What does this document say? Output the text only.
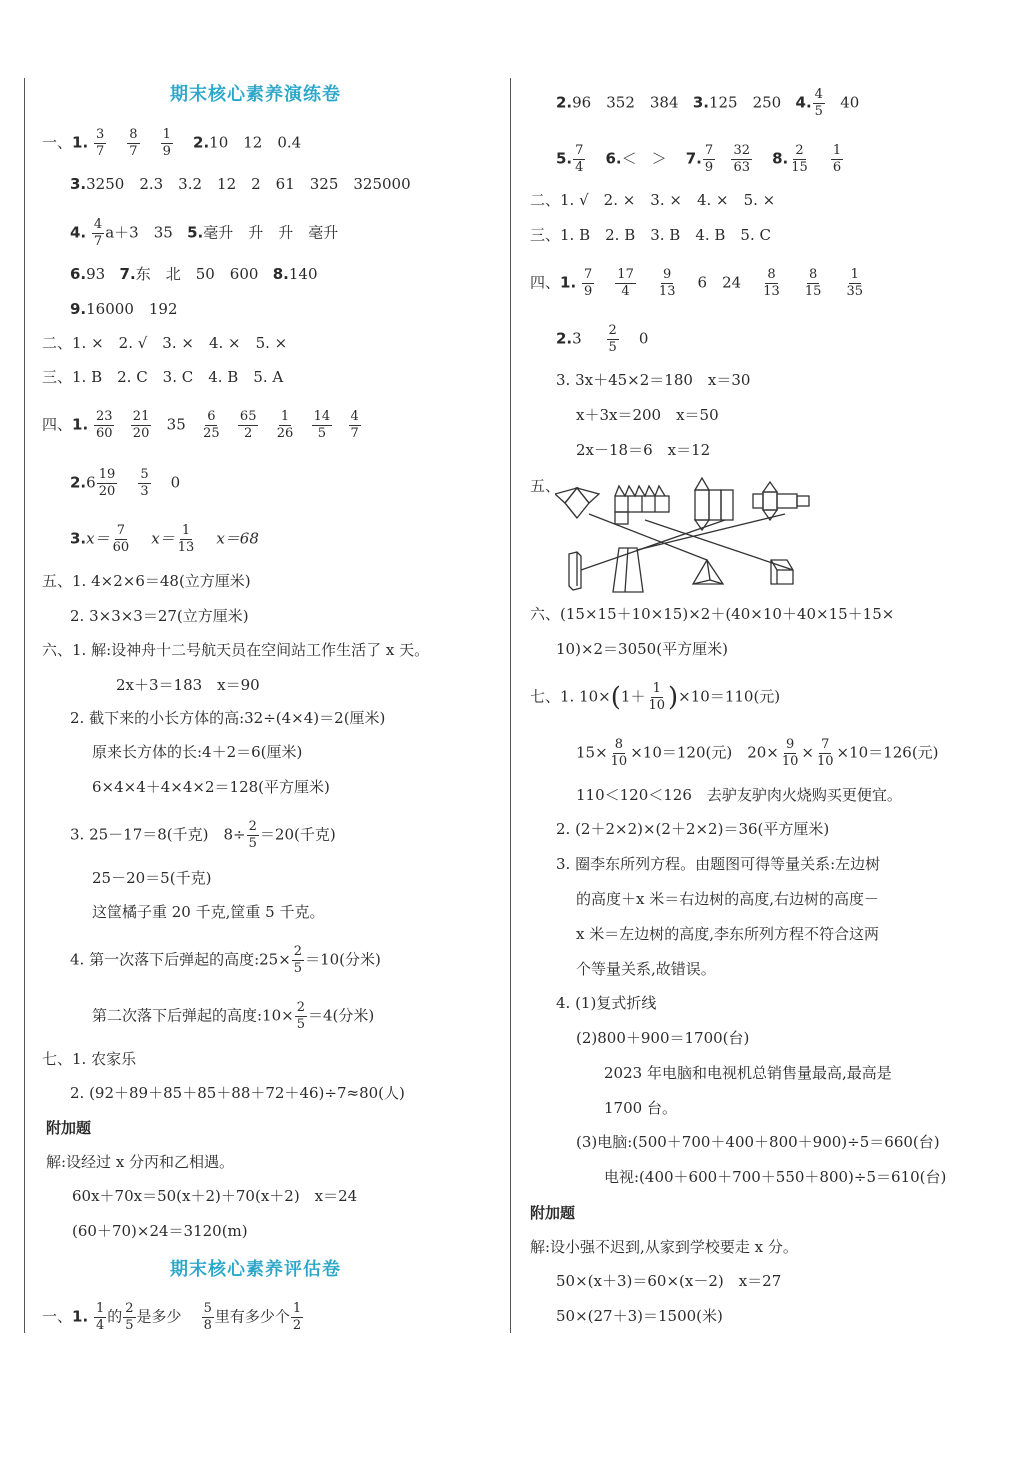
期末核心素养演练卷
一、1. $\frac{3}{7}$
$\frac{8}{7}$
$\frac{1}{9} 2.10$　12　0.4
3.3250　2.3　3.2　12　2　61　325　325000
4. $\frac{4}{7} a+3$　35 5.毫升　升　升　毫升
6.93 7.东　北　50　600 8.140
9.16000　192
二、1. ×　2. √　3. ×　4. ×　5. ×
三、1. B　2. C　3. C　4. B　5. A
四、1. $\frac{23}{60}$
$\frac{21}{20} 35 \frac{6}{25}$
$\frac{65}{2}$
$\frac{1}{26}$
$\frac{14}{5}$
$\frac{4}{7}$
$2.6 \frac{19}{20}$
$\frac{5}{3} 0$
$3.x= \frac{7}{60} x= \frac{1}{13} x=68$
五、1. 4×2×6＝48(立方厘米)
2. 3×3×3＝27(立方厘米)
六、1. 解:设神舟十二号航天员在空间站工作生活了 x 天。
2x＋3＝183　x＝90
2. 截下来的小长方体的高:32÷(4×4)＝2(厘米)
原来长方体的长:4＋2＝6(厘米)
6×4×4＋4×4×2＝128(平方厘米)
3. 25－17＝8(千克)　$8\div \frac{2}{5} =20$(千克)
25－20＝5(千克)
这筐橘子重 20 千克,筐重 5 千克。
4. 第一次落下后弹起的高度:25× $\frac{2}{5} =10$(分米)
第二次落下后弹起的高度:10× $\frac{2}{5} =4$(分米)
七、1. 农家乐
2. (92＋89＋85＋85＋88＋72＋46)÷7≈80(人)
附加题
解:设经过 x 分丙和乙相遇。
60x＋70x＝50(x＋2)＋70(x＋2)　x＝24
(60＋70)×24＝3120(m)
期末核心素养评估卷
一、1. $\frac{1}{4}$ 的 $\frac{2}{5}$ 是多少 $\frac{5}{8}$ 里有多少个 $\frac{1}{2}$
2.96　352　384 3.125　250 4. $\frac{4}{5} 40$
5. $\frac{7}{4} 6.<$　＞ 7. $\frac{7}{9}$
$\frac{32}{63} 8$. $\frac{2}{15}$
$\frac{1}{6}$
二、1. √　2. ×　3. ×　4. ×　5. ×
三、1. B　2. B　3. B　4. B　5. C
四、1. $\frac{7}{9}$
$\frac{17}{4}$
$\frac{9}{13} 6$　$24 \frac{8}{13}$
$\frac{8}{15}$
$\frac{1}{35}$
$2.3 \frac{2}{5} 0$
3. 3x＋45×2＝180　x＝30
x＋3x＝200　x＝50
2x－18＝6　x＝12
五、
六、(15×15＋10×15)×2＋(40×10＋40×15＋15×
10)×2＝3050(平方厘米)
七、1. $10\times(1+ \frac{1}{10} )\times 10=110$(元)
$15\times \frac{8}{10} \times 10=120$(元)　$20\times \frac{9}{10} \times \frac{7}{10} \times 10=126$(元)
110＜120＜126　去驴友驴肉火烧购买更便宜。
2. (2＋2×2)×(2＋2×2)＝36(平方厘米)
3. 圈李东所列方程。由题图可得等量关系:左边树
的高度＋x 米＝右边树的高度,右边树的高度－
x 米＝左边树的高度,李东所列方程不符合这两
个等量关系,故错误。
4. (1)复式折线
(2)800＋900＝1700(台)
2023 年电脑和电视机总销售量最高,最高是
1700 台。
(3)电脑:(500＋700＋400＋800＋900)÷5＝660(台)
电视:(400＋600＋700＋550＋800)÷5＝610(台)
附加题
解:设小强不迟到,从家到学校要走 x 分。
50×(x＋3)＝60×(x－2)　x＝27
50×(27＋3)＝1500(米)
